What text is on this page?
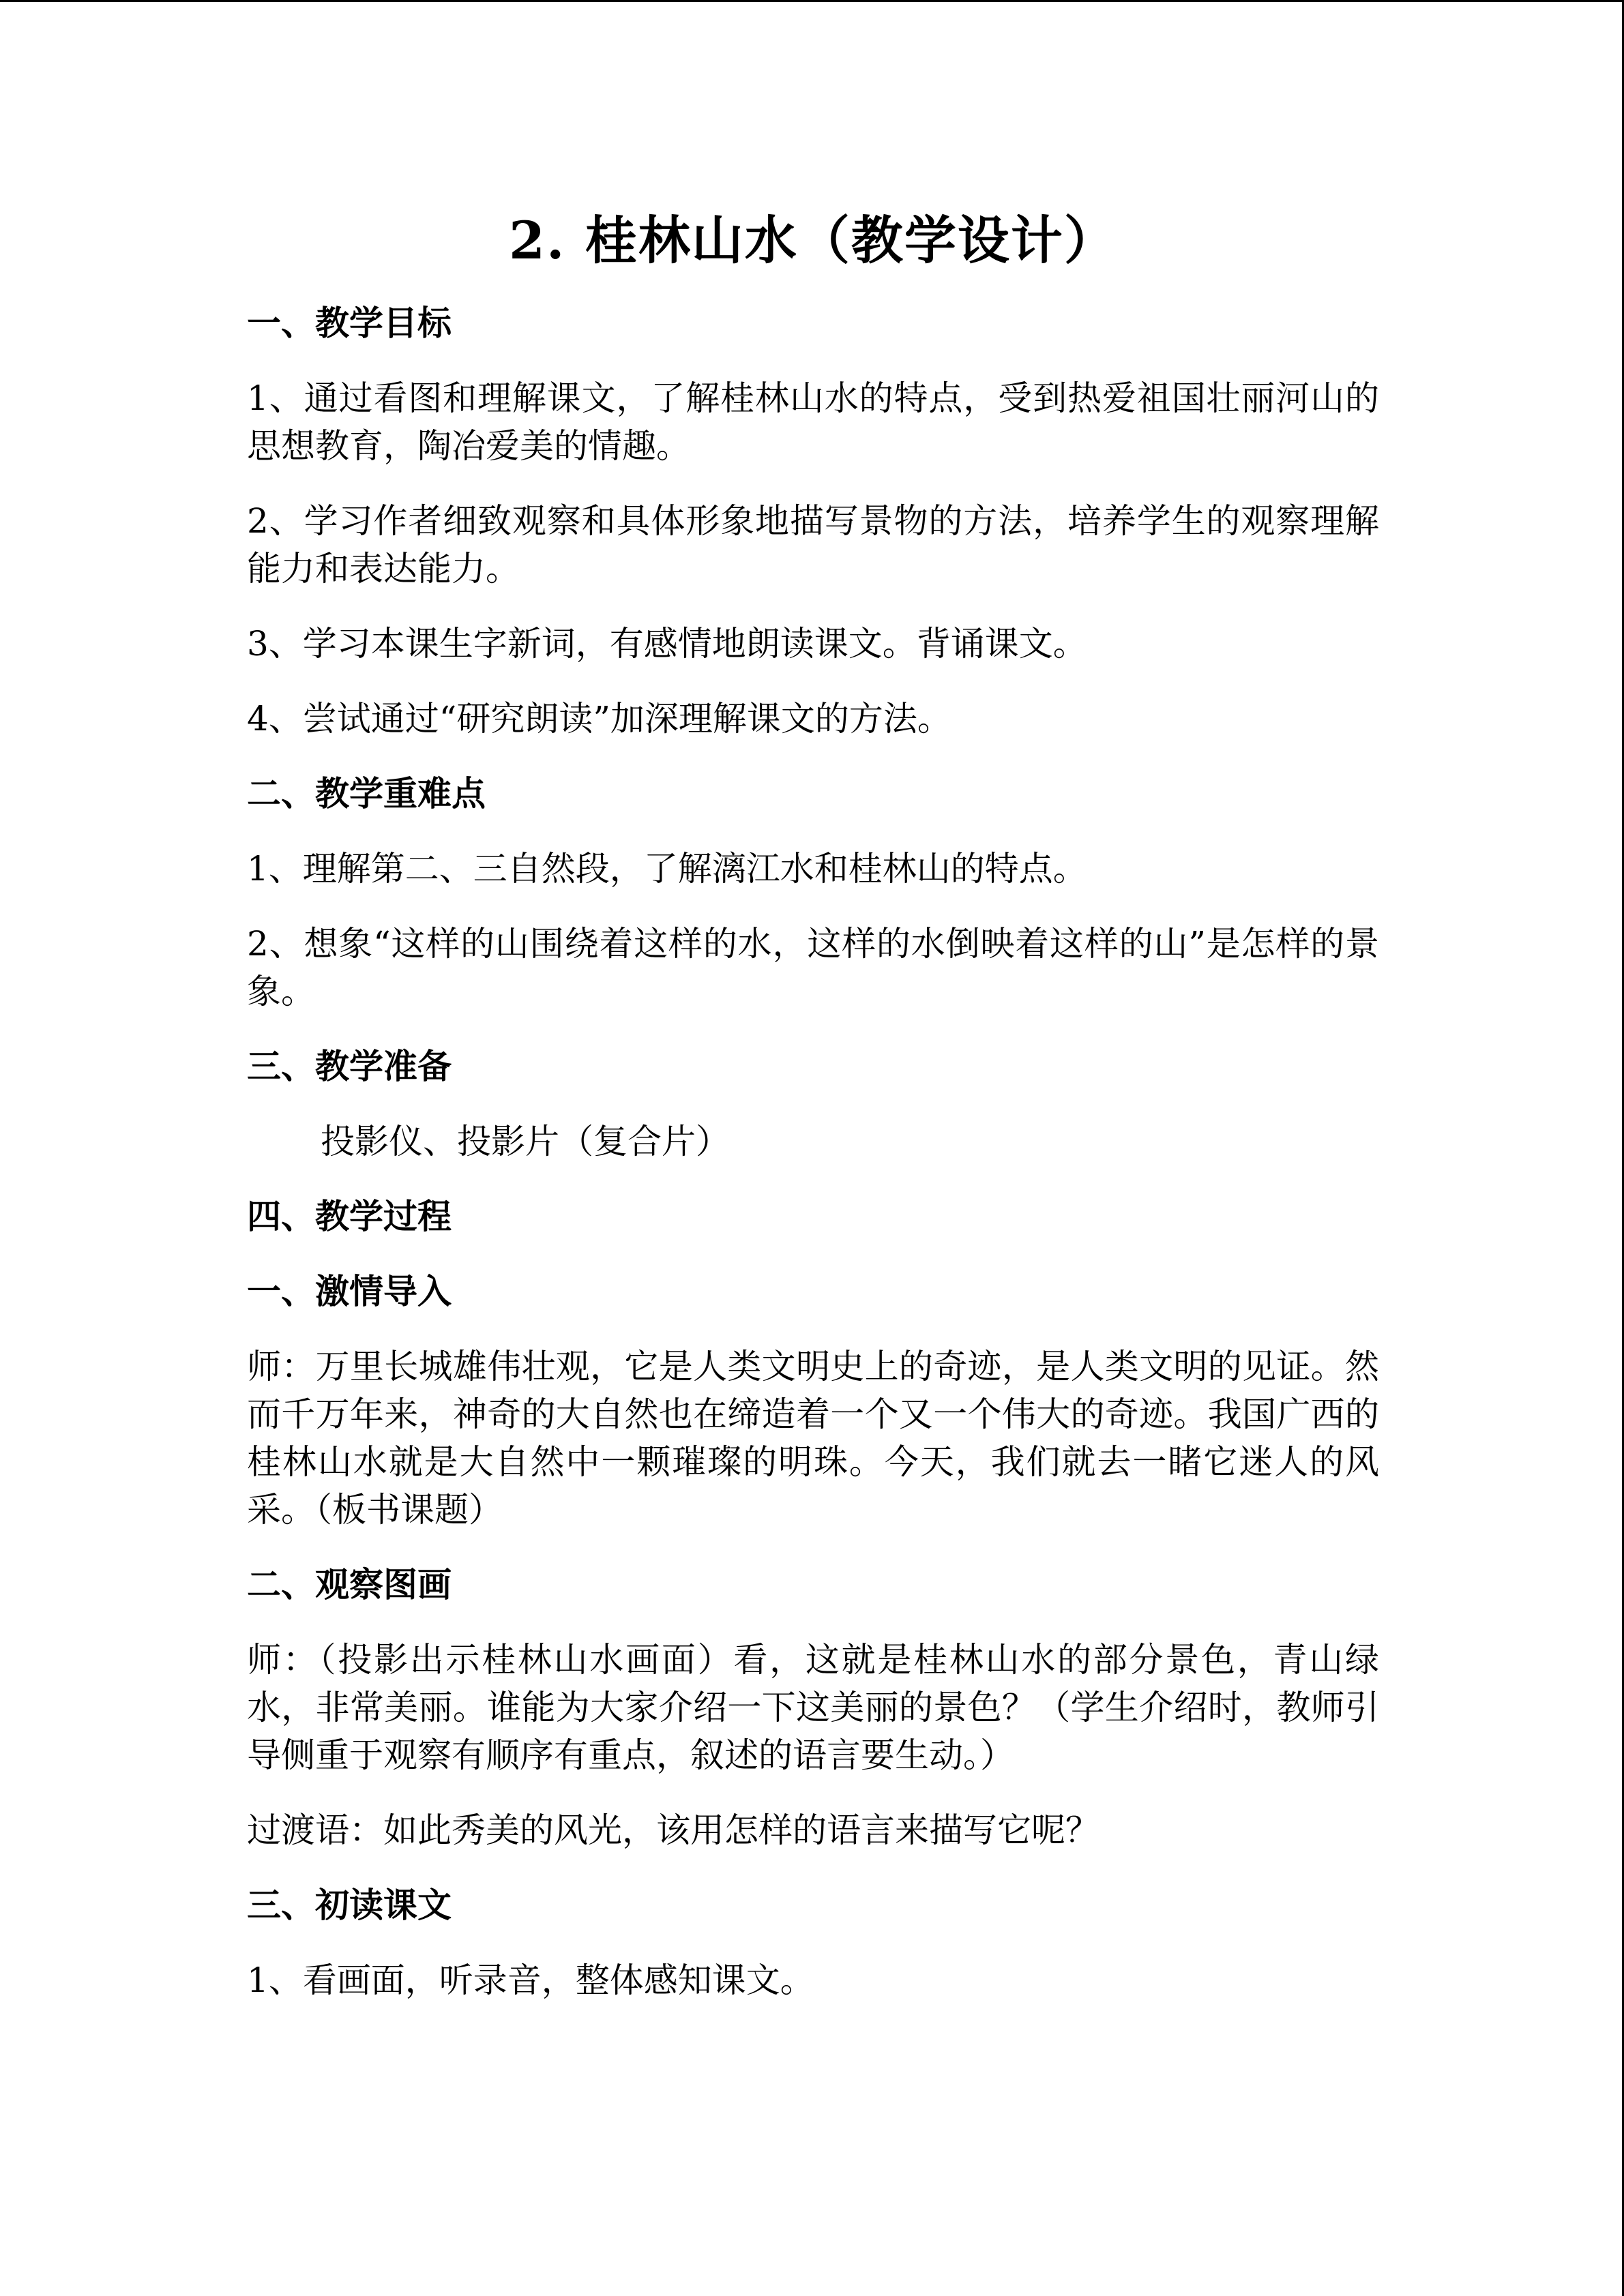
2. 桂林山水（教学设计）
一、教学目标
1、通过看图和理解课文，了解桂林山水的特点，受到热爱祖国壮丽河山的思想教育，陶冶爱美的情趣。
2、学习作者细致观察和具体形象地描写景物的方法，培养学生的观察理解能力和表达能力。
3、学习本课生字新词，有感情地朗读课文。背诵课文。
4、尝试通过“研究朗读”加深理解课文的方法。
二、教学重难点
1、理解第二、三自然段，了解漓江水和桂林山的特点。
2、想象“这样的山围绕着这样的水，这样的水倒映着这样的山”是怎样的景象。
三、教学准备
投影仪、投影片（复合片）
四、教学过程
一、激情导入
师：万里长城雄伟壮观，它是人类文明史上的奇迹，是人类文明的见证。然而千万年来，神奇的大自然也在缔造着一个又一个伟大的奇迹。我国广西的桂林山水就是大自然中一颗璀璨的明珠。今天，我们就去一睹它迷人的风采。（板书课题）
二、观察图画
师：（投影出示桂林山水画面）看，这就是桂林山水的部分景色，青山绿水，非常美丽。谁能为大家介绍一下这美丽的景色？（学生介绍时，教师引导侧重于观察有顺序有重点，叙述的语言要生动。）
过渡语：如此秀美的风光，该用怎样的语言来描写它呢？
三、初读课文
1、看画面，听录音，整体感知课文。
